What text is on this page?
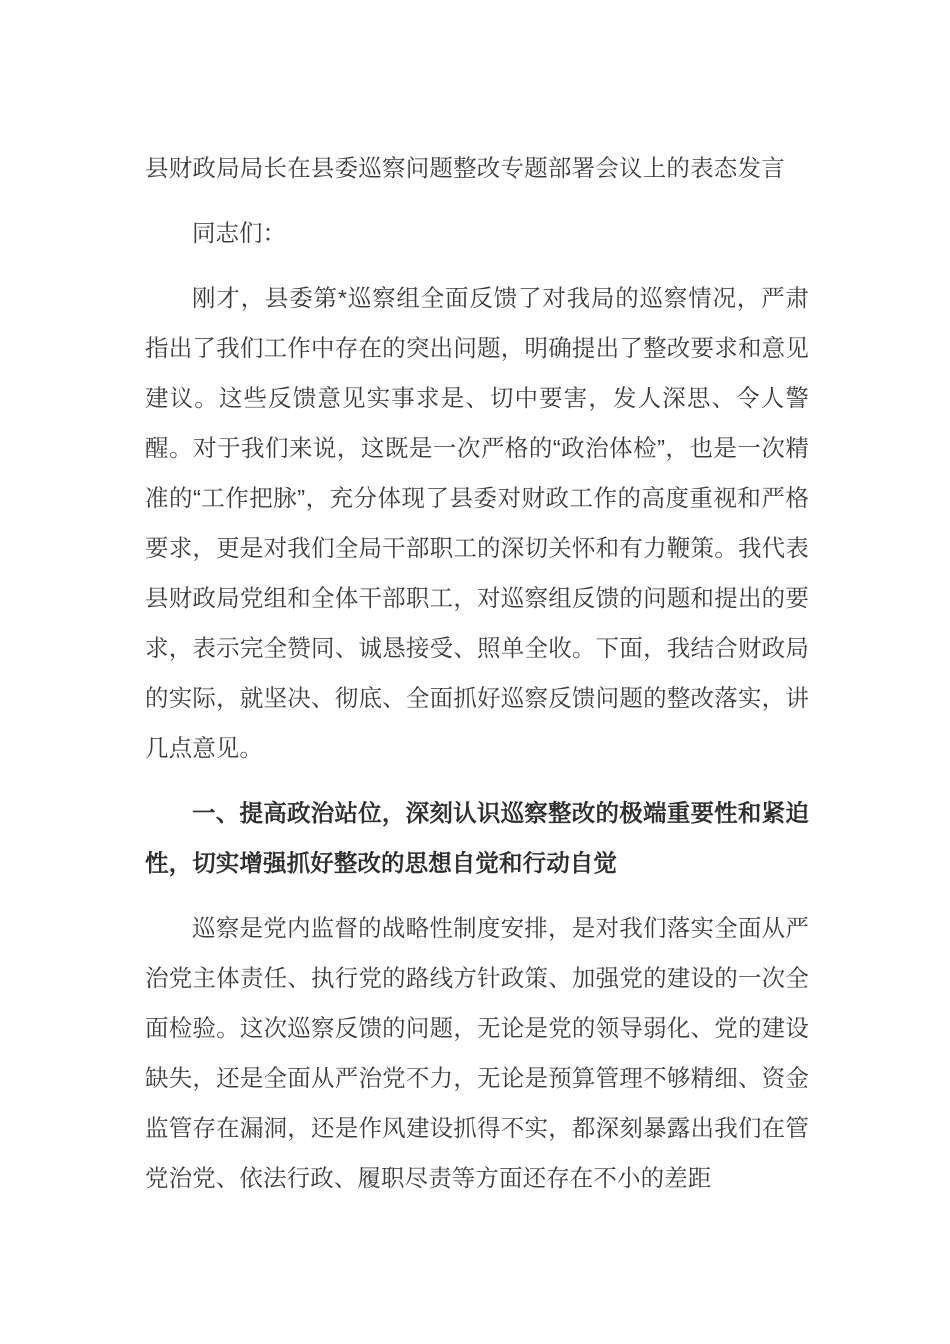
县财政局局长在县委巡察问题整改专题部署会议上的表态发言

同志们：

刚才，县委第*巡察组全面反馈了对我局的巡察情况，严肃指出了我们工作中存在的突出问题，明确提出了整改要求和意见建议。这些反馈意见实事求是、切中要害，发人深思、令人警醒。对于我们来说，这既是一次严格的“政治体检”，也是一次精准的“工作把脉”，充分体现了县委对财政工作的高度重视和严格要求，更是对我们全局干部职工的深切关怀和有力鞭策。我代表县财政局党组和全体干部职工，对巡察组反馈的问题和提出的要求，表示完全赞同、诚恳接受、照单全收。下面，我结合财政局的实际，就坚决、彻底、全面抓好巡察反馈问题的整改落实，讲几点意见。

一、提高政治站位，深刻认识巡察整改的极端重要性和紧迫性，切实增强抓好整改的思想自觉和行动自觉

巡察是党内监督的战略性制度安排，是对我们落实全面从严治党主体责任、执行党的路线方针政策、加强党的建设的一次全面检验。这次巡察反馈的问题，无论是党的领导弱化、党的建设缺失，还是全面从严治党不力，无论是预算管理不够精细、资金监管存在漏洞，还是作风建设抓得不实，都深刻暴露出我们在管党治党、依法行政、履职尽责等方面还存在不小的差距
